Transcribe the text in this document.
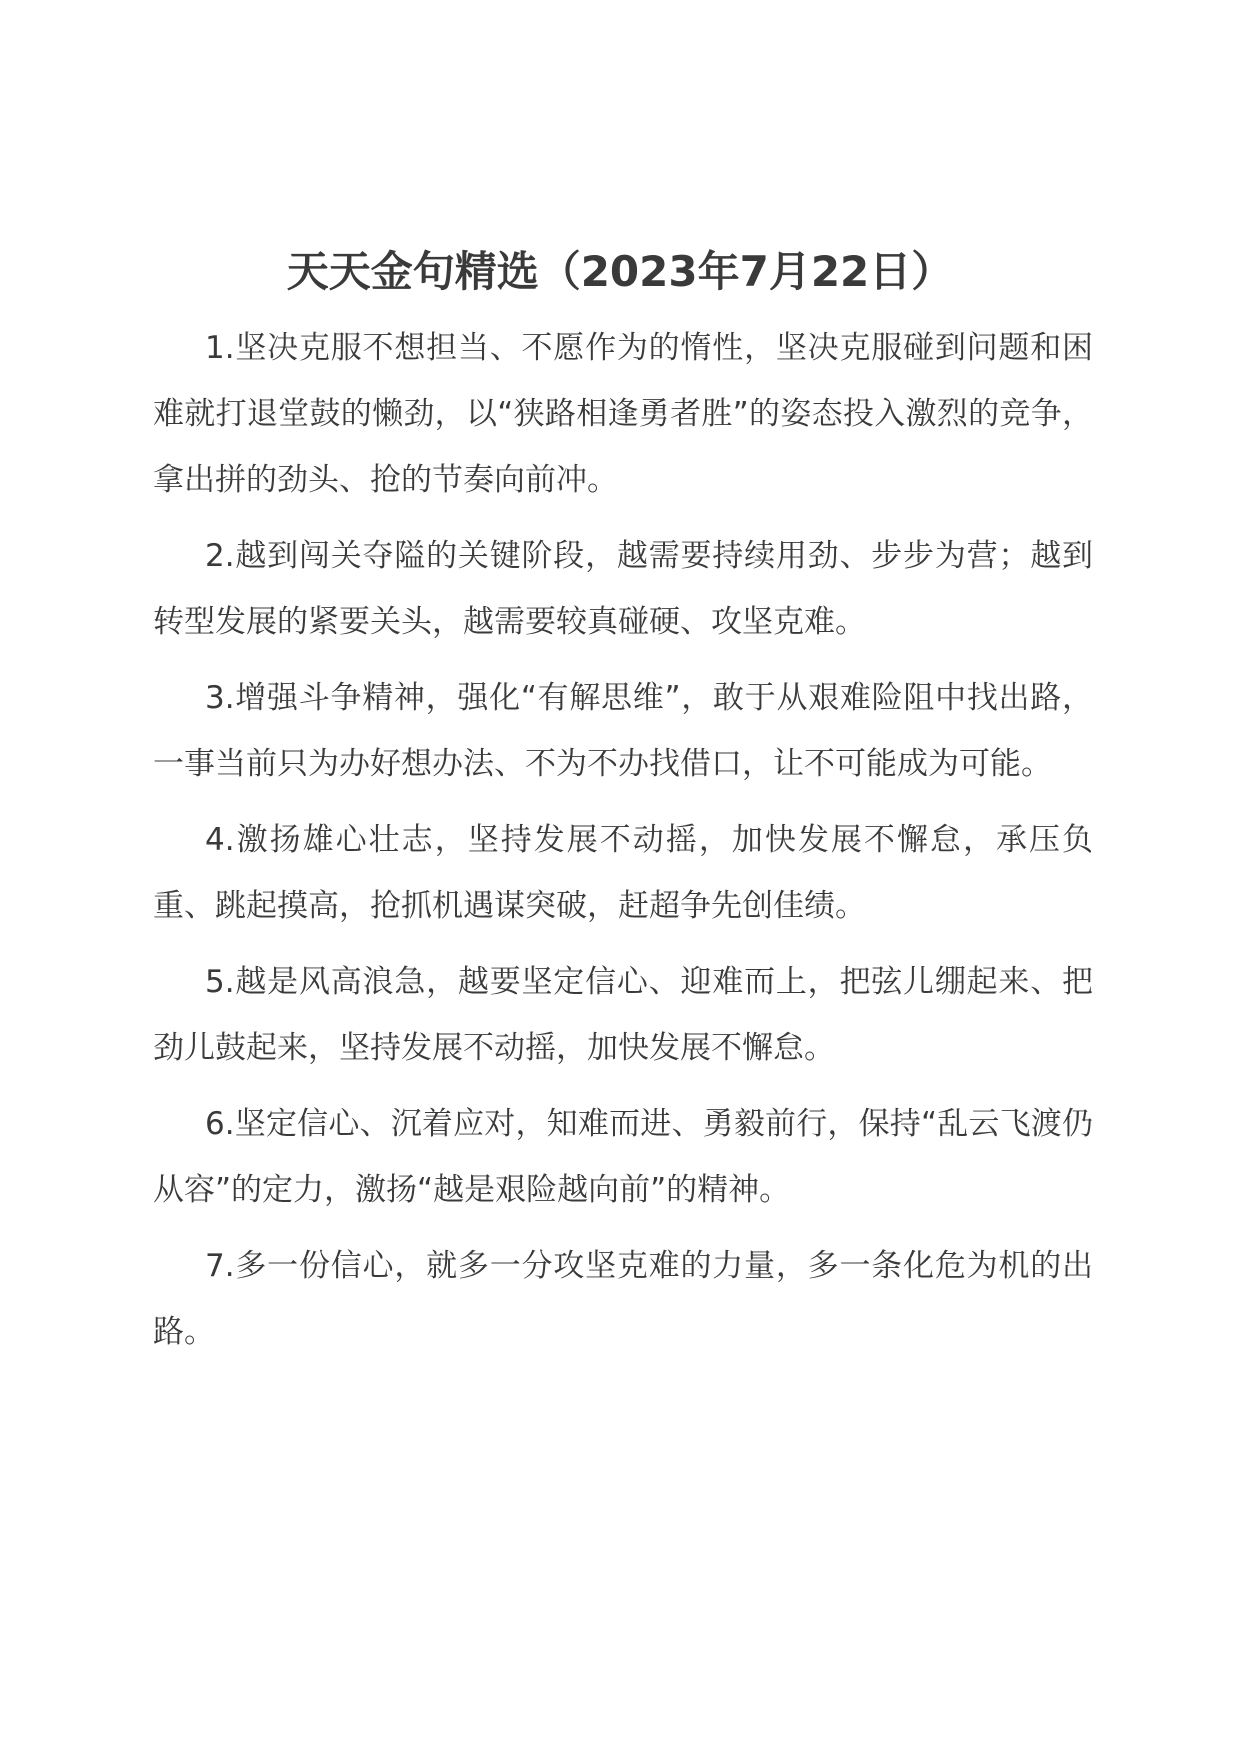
天天金句精选（2023年7月22日）

1.坚决克服不想担当、不愿作为的惰性，坚决克服碰到问题和困难就打退堂鼓的懒劲，以“狭路相逢勇者胜”的姿态投入激烈的竞争，拿出拼的劲头、抢的节奏向前冲。

2.越到闯关夺隘的关键阶段，越需要持续用劲、步步为营；越到转型发展的紧要关头，越需要较真碰硬、攻坚克难。

3.增强斗争精神，强化“有解思维”，敢于从艰难险阻中找出路，一事当前只为办好想办法、不为不办找借口，让不可能成为可能。

4.激扬雄心壮志，坚持发展不动摇，加快发展不懈怠，承压负重、跳起摸高，抢抓机遇谋突破，赶超争先创佳绩。

5.越是风高浪急，越要坚定信心、迎难而上，把弦儿绷起来、把劲儿鼓起来，坚持发展不动摇，加快发展不懈怠。

6.坚定信心、沉着应对，知难而进、勇毅前行，保持“乱云飞渡仍从容”的定力，激扬“越是艰险越向前”的精神。

7.多一份信心，就多一分攻坚克难的力量，多一条化危为机的出路。
